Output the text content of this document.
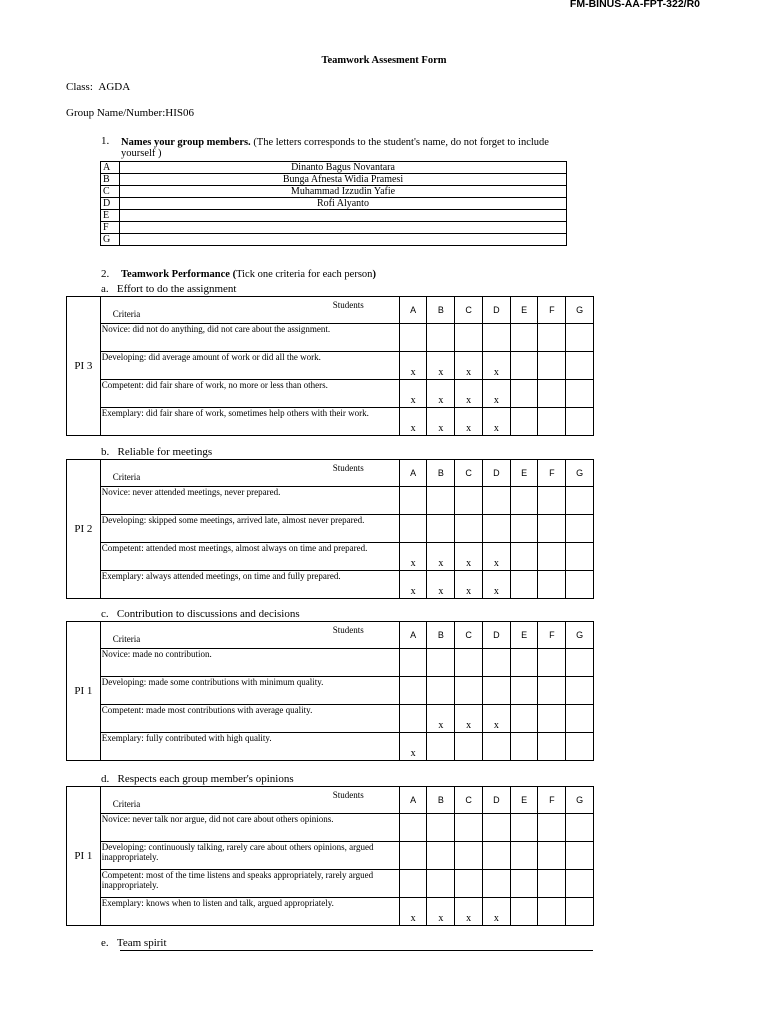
FM-BINUS-AA-FPT-322/R0
Teamwork Assesment Form
Class: AGDA
Group Name/Number:HIS06
1. Names your group members. (The letters corresponds to the student's name, do not forget to include yourself )
A	Dinanto Bagus Novantara
B	Bunga Afnesta Widia Pramesi
C	Muhammad Izzudin Yafie
D	Rofi Alyanto
E	
F	
G	
2. Teamwork Performance (Tick one criteria for each person)
a. Effort to do the assignment
PI 3	Students
Criteria	A	B	C	D	E	F	G
	Novice: did not do anything, did not care about the assignment.							
	Developing: did average amount of work or did all the work.	x	x	x	x			
	Competent: did fair share of work, no more or less than others.	x	x	x	x			
	Exemplary: did fair share of work, sometimes help others with their work.	x	x	x	x			
b. Reliable for meetings
PI 2	Students
Criteria	A	B	C	D	E	F	G
	Novice: never attended meetings, never prepared.							
	Developing: skipped some meetings, arrived late, almost never prepared.							
	Competent: attended most meetings, almost always on time and prepared.	x	x	x	x			
	Exemplary: always attended meetings, on time and fully prepared.	x	x	x	x			
c. Contribution to discussions and decisions
PI 1	Students
Criteria	A	B	C	D	E	F	G
	Novice: made no contribution.							
	Developing: made some contributions with minimum quality.							
	Competent: made most contributions with average quality.		x	x	x			
	Exemplary: fully contributed with high quality.	x						
d. Respects each group member's opinions
PI 1	Students
Criteria	A	B	C	D	E	F	G
	Novice: never talk nor argue, did not care about others opinions.							
	Developing: continuously talking, rarely care about others opinions, argued inappropriately.							
	Competent: most of the time listens and speaks appropriately, rarely argued inappropriately.							
	Exemplary: knows when to listen and talk, argued appropriately.	x	x	x	x			
e. Team spirit
